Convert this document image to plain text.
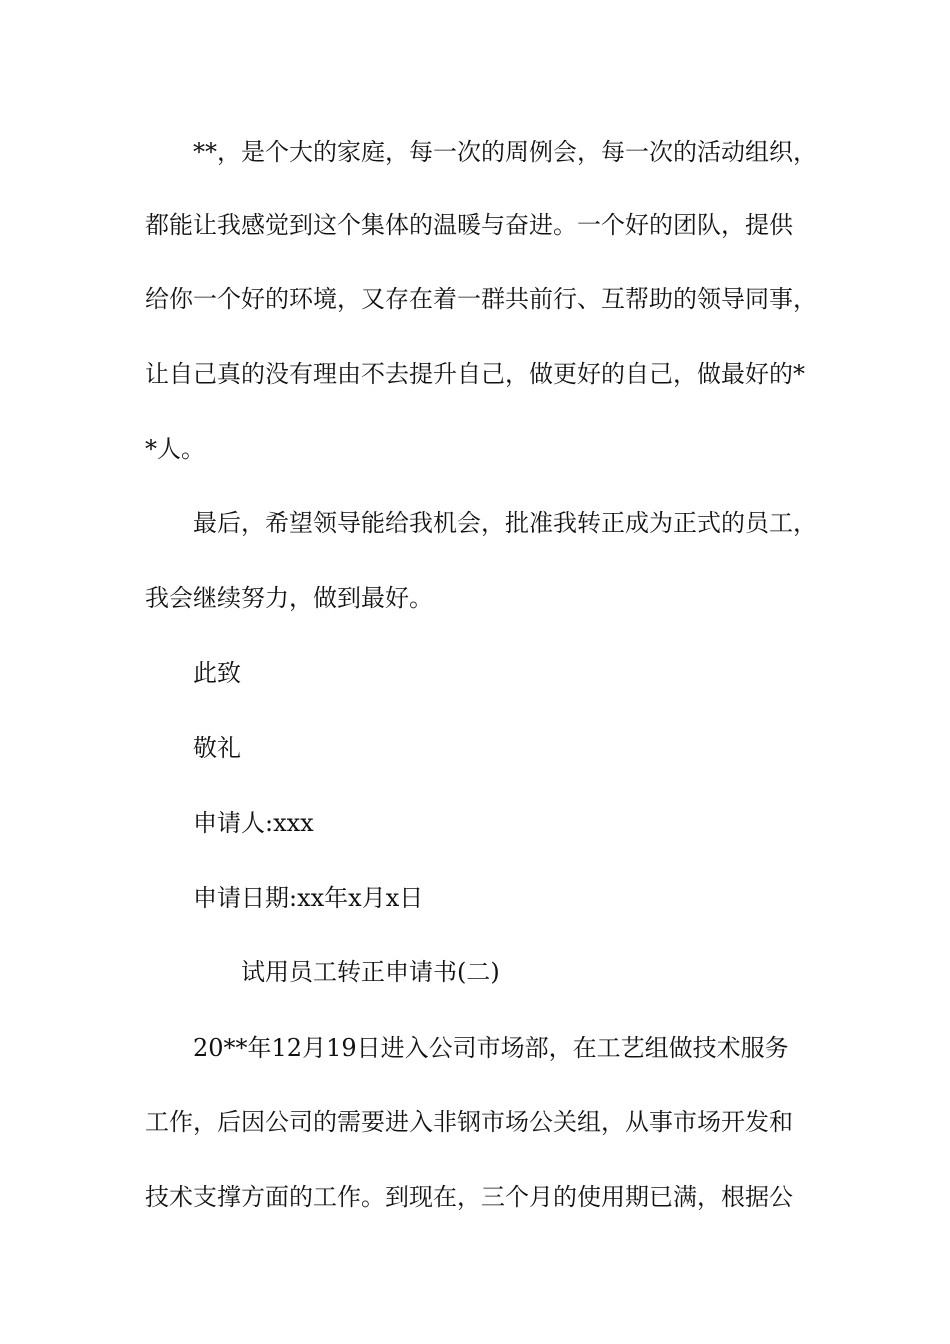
**，是个大的家庭，每一次的周例会，每一次的活动组织，
都能让我感觉到这个集体的温暖与奋进。一个好的团队，提供
给你一个好的环境，又存在着一群共前行、互帮助的领导同事，
让自己真的没有理由不去提升自己，做更好的自己，做最好的*
*人。
最后，希望领导能给我机会，批准我转正成为正式的员工，
我会继续努力，做到最好。
此致
敬礼
申请人:xxx
申请日期:xx年x月x日
试用员工转正申请书(二)
20**年12月19日进入公司市场部，在工艺组做技术服务
工作，后因公司的需要进入非钢市场公关组，从事市场开发和
技术支撑方面的工作。到现在，三个月的使用期已满，根据公
